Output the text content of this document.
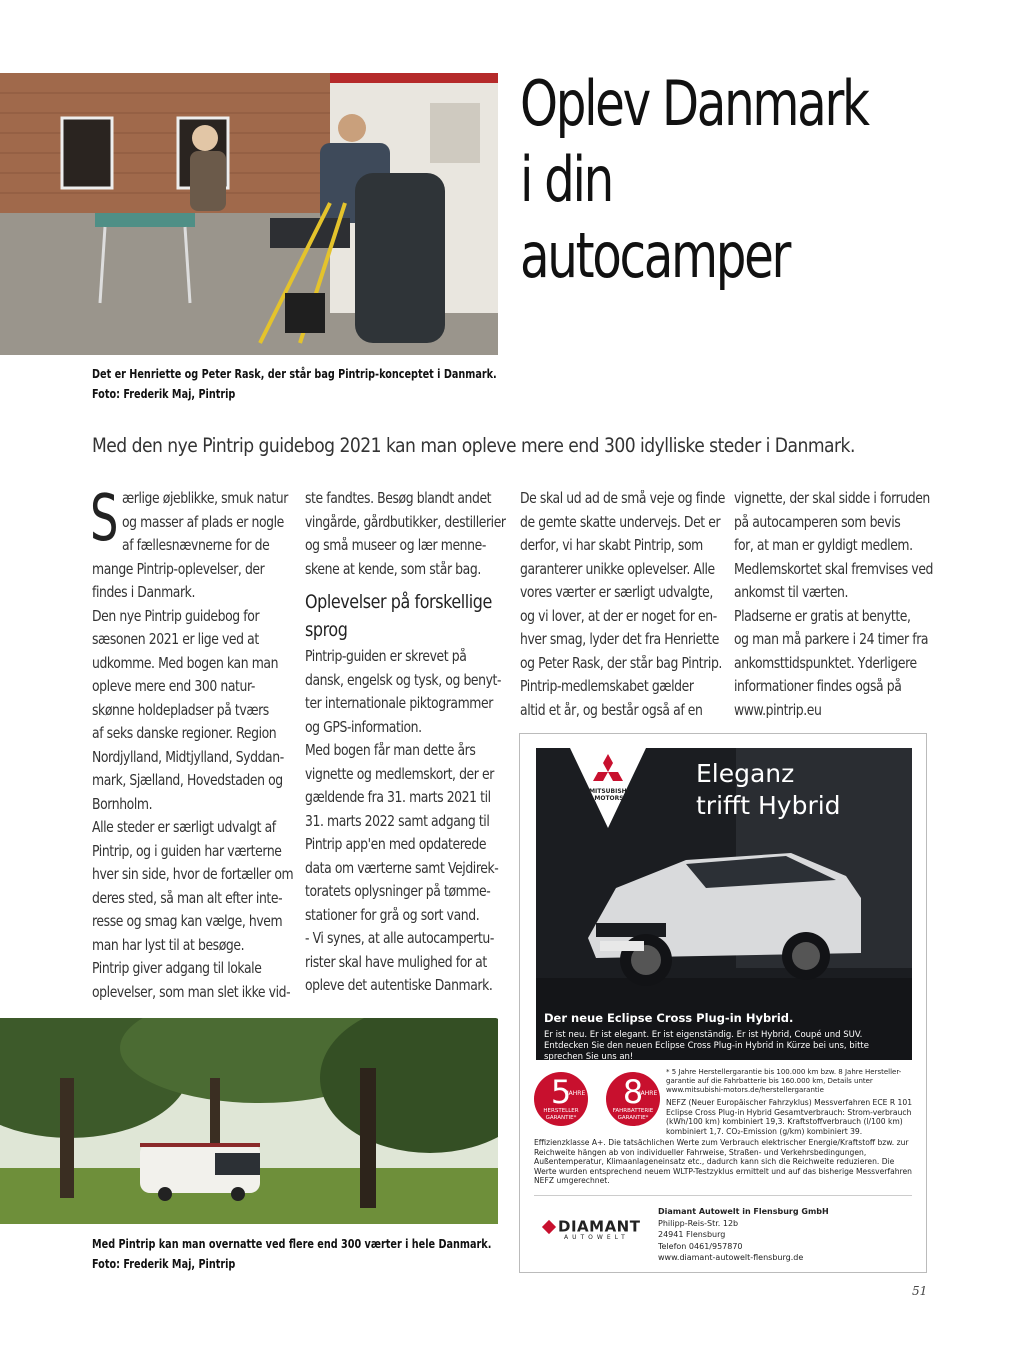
Oplev Danmark
i din
autocamper
Det er Henriette og Peter Rask, der står bag Pintrip-konceptet i Danmark.
Foto: Frederik Maj, Pintrip
Med den nye Pintrip guidebog 2021 kan man opleve mere end 300 idylliske steder i Danmark.
S ærlige øjeblikke, smuk natur

og masser af plads er nogle

af fællesnævnerne for de

mange Pintrip-oplevelser, der

findes i Danmark.

Den nye Pintrip guidebog for

sæsonen 2021 er lige ved at

udkomme. Med bogen kan man

opleve mere end 300 natur-

skønne holdepladser på tværs

af seks danske regioner. Region

Nordjylland, Midtjylland, Syddan-

mark, Sjælland, Hovedstaden og

Bornholm.

Alle steder er særligt udvalgt af

Pintrip, og i guiden har værterne

hver sin side, hvor de fortæller om

deres sted, så man alt efter inte-

resse og smag kan vælge, hvem

man har lyst til at besøge.

Pintrip giver adgang til lokale

oplevelser, som man slet ikke vid-

ste fandtes. Besøg blandt andet

vingårde, gårdbutikker, destillerier

og små museer og lær menne-

skene at kende, som står bag.

Oplevelser på forskellige

sprog

Pintrip-guiden er skrevet på

dansk, engelsk og tysk, og benyt-

ter internationale piktogrammer

og GPS-information.

Med bogen får man dette års

vignette og medlemskort, der er

gældende fra 31. marts 2021 til

31. marts 2022 samt adgang til

Pintrip app'en med opdaterede

data om værterne samt Vejdirek-

toratets oplysninger på tømme-

stationer for grå og sort vand.

- Vi synes, at alle autocampertu-

rister skal have mulighed for at

opleve det autentiske Danmark.

De skal ud ad de små veje og finde

de gemte skatte undervejs. Det er

derfor, vi har skabt Pintrip, som

garanterer unikke oplevelser. Alle

vores værter er særligt udvalgte,

og vi lover, at der er noget for en-

hver smag, lyder det fra Henriette

og Peter Rask, der står bag Pintrip.

Pintrip-medlemskabet gælder

altid et år, og består også af en

vignette, der skal sidde i forruden

på autocamperen som bevis

for, at man er gyldigt medlem.

Medlemskortet skal fremvises ved

ankomst til værten.

Pladserne er gratis at benytte,

og man må parkere i 24 timer fra

ankomsttidspunktet. Yderligere

informationer findes også på

www.pintrip.eu

Med Pintrip kan man overnatte ved flere end 300 værter i hele Danmark.
Foto: Frederik Maj, Pintrip
MITSUBISHI
MOTORS
Eleganz
trifft Hybrid
Der neue Eclipse Cross Plug-in Hybrid.
Er ist neu. Er ist elegant. Er ist eigenständig. Er ist Hybrid, Coupé und SUV. Entdecken Sie den neuen Eclipse Cross Plug-in Hybrid in Kürze bei uns, bitte sprechen Sie uns an!
5
JAHRE
HERSTELLER GARANTIE*
8
JAHRE
FAHRBATTERIE GARANTIE*
* 5 Jahre Herstellergarantie bis 100.000 km bzw. 8 Jahre Hersteller-garantie auf die Fahrbatterie bis 160.000 km, Details unter www.mitsubishi-motors.de/herstellergarantie
NEFZ (Neuer Europäischer Fahrzyklus) Messverfahren ECE R 101 Eclipse Cross Plug-in Hybrid Gesamtverbrauch: Strom-verbrauch (kWh/100 km) kombiniert 19,3. Kraftstoffverbrauch (l/100 km) kombiniert 1,7. CO₂-Emission (g/km) kombiniert 39.
Effizienzklasse A+. Die tatsächlichen Werte zum Verbrauch elektrischer Energie/Kraftstoff bzw. zur Reichweite hängen ab von individueller Fahrweise, Straßen- und Verkehrsbedingungen, Außentemperatur, Klimaanlageneinsatz etc., dadurch kann sich die Reichweite reduzieren. Die Werte wurden entsprechend neuem WLTP-Testzyklus ermittelt und auf das bisherige Messverfahren NEFZ umgerechnet.
DIAMANT
AUTOWELT
Diamant Autowelt in Flensburg GmbH
Philipp-Reis-Str. 12b
24941 Flensburg
Telefon 0461/957870
www.diamant-autowelt-flensburg.de
51
